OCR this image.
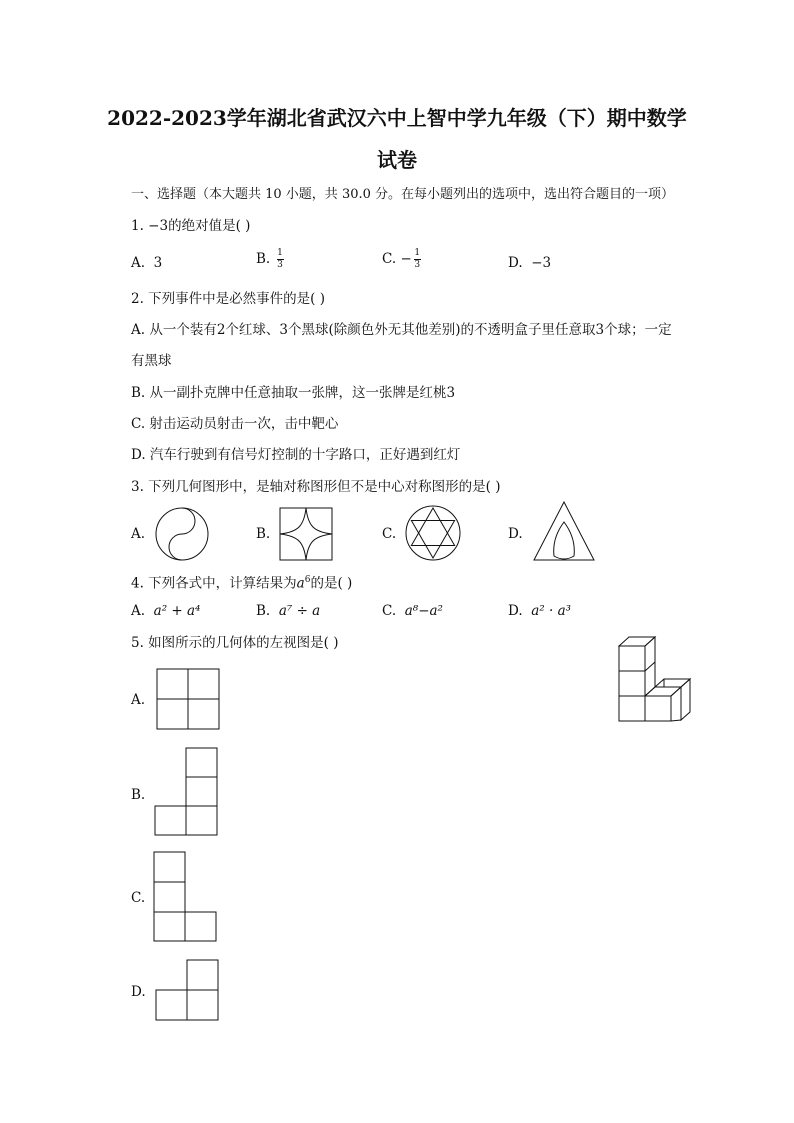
2022-2023学年湖北省武汉六中上智中学九年级（下）期中数学
试卷
一、选择题（本大题共 10 小题，共 30.0 分。在每小题列出的选项中，选出符合题目的一项）
1. −3的绝对值是( )
A. 3	B. $\frac{1}{3}$	C. − $\frac{1}{3}$	D. −3
2. 下列事件中是必然事件的是( )
A. 从一个装有2个红球、3个黑球(除颜色外无其他差别)的不透明盒子里任意取3个球；一定
有黑球
B. 从一副扑克牌中任意抽取一张牌，这一张牌是红桃3
C. 射击运动员射击一次，击中靶心
D. 汽车行驶到有信号灯控制的十字路口，正好遇到红灯
3. 下列几何图形中，是轴对称图形但不是中心对称图形的是( )
A.	B.	C.	D.
4. 下列各式中，计算结果为$a^6$的是( )
A. a² + a⁴	B. a⁷ ÷ a	C. a⁸−a²	D. a² · a³
5. 如图所示的几何体的左视图是( )
A.
B.
C.
D.
